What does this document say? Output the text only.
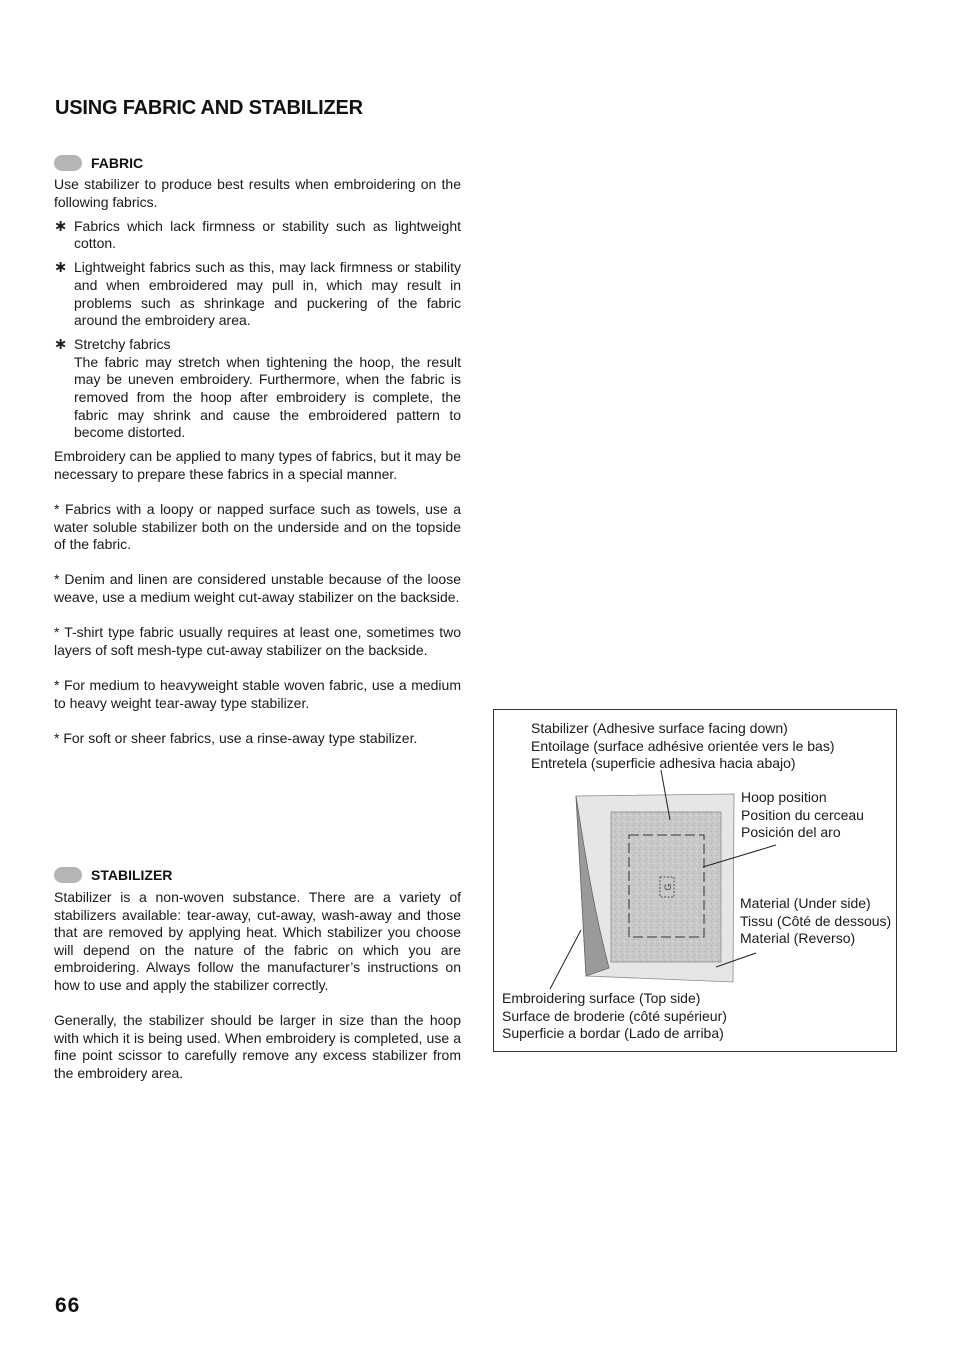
USING FABRIC AND STABILIZER
FABRIC

Use stabilizer to produce best results when embroidering on the following fabrics.

∗ Fabrics which lack firmness or stability such as lightweight cotton.
∗ Lightweight fabrics such as this, may lack firmness or stability and when embroidered may pull in, which may result in problems such as shrinkage and puckering of the fabric around the embroidery area.
∗ Stretchy fabrics
The fabric may stretch when tightening the hoop, the result may be uneven embroidery. Furthermore, when the fabric is removed from the hoop after embroidery is complete, the fabric may shrink and cause the embroidered pattern to become distorted.

Embroidery can be applied to many types of fabrics, but it may be necessary to prepare these fabrics in a special manner.

* Fabrics with a loopy or napped surface such as towels, use a water soluble stabilizer both on the underside and on the topside of the fabric.

* Denim and linen are considered unstable because of the loose weave, use a medium weight cut-away stabilizer on the backside.

* T-shirt type fabric usually requires at least one, sometimes two layers of soft mesh-type cut-away stabilizer on the backside.

* For medium to heavyweight stable woven fabric, use a medium to heavy weight tear-away type stabilizer.

* For soft or sheer fabrics, use a rinse-away type stabilizer.

STABILIZER

Stabilizer is a non-woven substance. There are a variety of stabilizers available: tear-away, cut-away, wash-away and those that are removed by applying heat. Which stabilizer you choose will depend on the nature of the fabric on which you are embroidering. Always follow the manufacturer’s instructions on how to use and apply the stabilizer correctly.

Generally, the stabilizer should be larger in size than the hoop with which it is being used. When embroidery is completed, use a fine point scissor to carefully remove any excess stabilizer from the embroidery area.

G
Stabilizer (Adhesive surface facing down)
Entoilage (surface adhésive orientée vers le bas)
Entretela (superficie adhesiva hacia abajo)
Hoop position
Position du cerceau
Posición del aro
Material (Under side)
Tissu (Côté de dessous)
Material (Reverso)
Embroidering surface (Top side)
Surface de broderie (côté supérieur)
Superficie a bordar (Lado de arriba)
66
